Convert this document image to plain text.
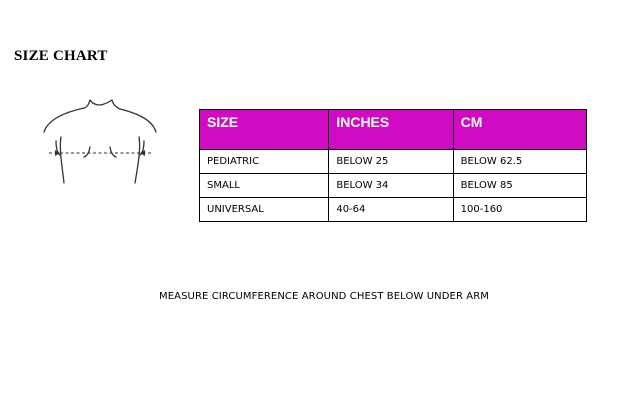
SIZE CHART
SIZE	INCHES	CM
PEDIATRIC	BELOW 25	BELOW 62.5
SMALL	BELOW 34	BELOW 85
UNIVERSAL	40-64	100-160
MEASURE CIRCUMFERENCE AROUND CHEST BELOW UNDER ARM
